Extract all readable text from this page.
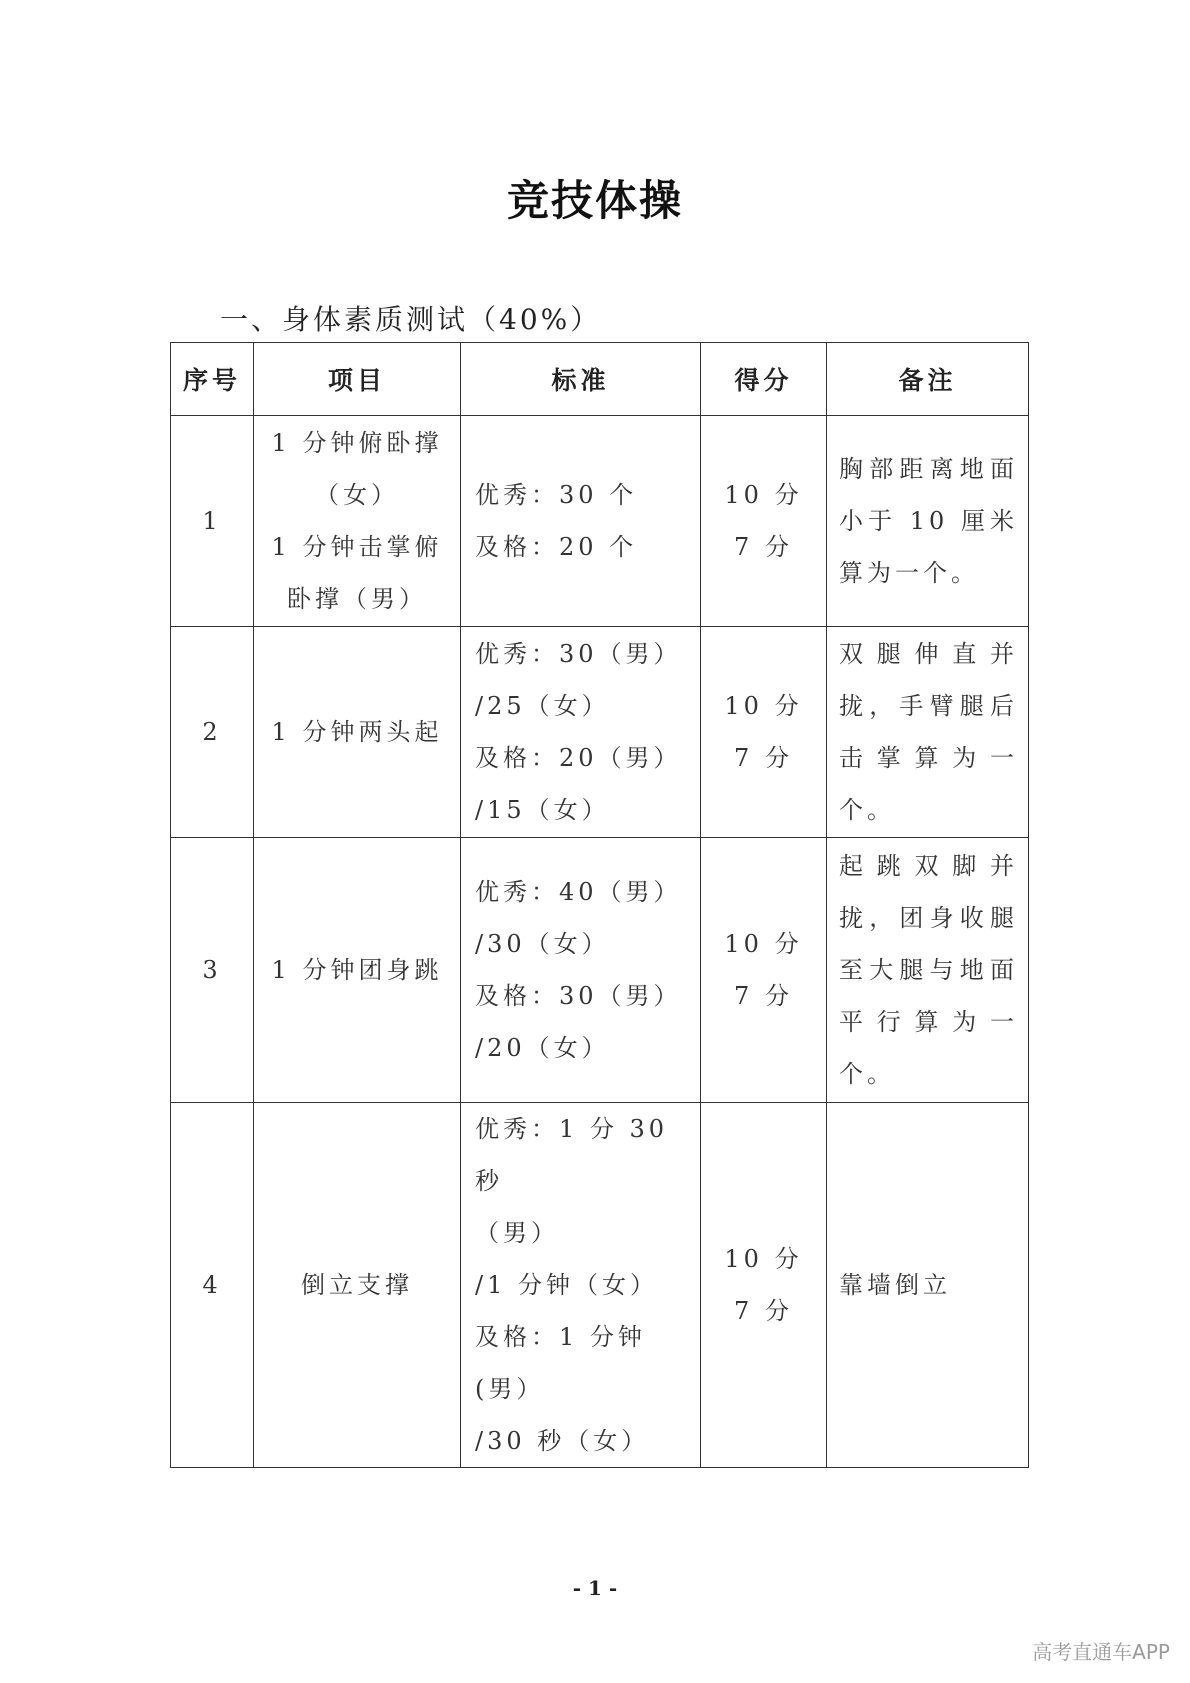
竞技体操
一、身体素质测试（40%）
序号	项目	标准	得分	备注
1	1 分钟俯卧撑
（女）
1 分钟击掌俯
卧撑（男）	优秀：30 个
及格：20 个	10 分
7 分	胸部距离地面小于 10 厘米算为一个。
2	1 分钟两头起	优秀：30（男）
/25（女）
及格：20（男）
/15（女）	10 分
7 分	双腿伸直并拢，手臂腿后击掌算为一个。
3	1 分钟团身跳	优秀：40（男）
/30（女）
及格：30（男）
/20（女）	10 分
7 分	起跳双脚并拢，团身收腿至大腿与地面平行算为一个。
4	倒立支撑	优秀：1 分 30 秒
（男）
/1 分钟（女）
及格：1 分钟(男）
/30 秒（女）	10 分
7 分	靠墙倒立
- 1 -
高考直通车APP
